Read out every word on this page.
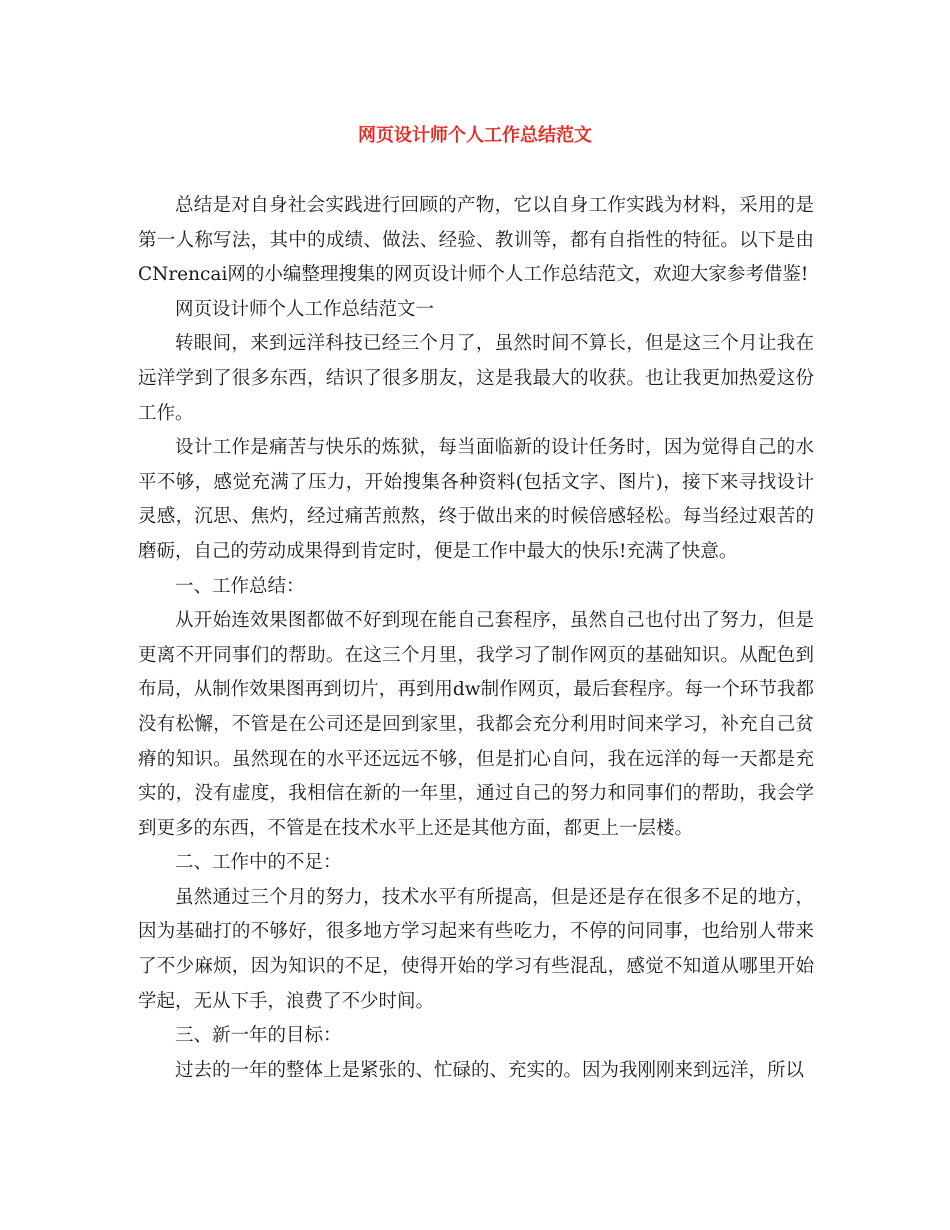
网页设计师个人工作总结范文

总结是对自身社会实践进行回顾的产物，它以自身工作实践为材料，采用的是第一人称写法，其中的成绩、做法、经验、教训等，都有自指性的特征。以下是由CNrencai网的小编整理搜集的网页设计师个人工作总结范文，欢迎大家参考借鉴!

网页设计师个人工作总结范文一

转眼间，来到远洋科技已经三个月了，虽然时间不算长，但是这三个月让我在远洋学到了很多东西，结识了很多朋友，这是我最大的收获。也让我更加热爱这份工作。

设计工作是痛苦与快乐的炼狱，每当面临新的设计任务时，因为觉得自己的水平不够，感觉充满了压力，开始搜集各种资料(包括文字、图片)，接下来寻找设计灵感，沉思、焦灼，经过痛苦煎熬，终于做出来的时候倍感轻松。每当经过艰苦的磨砺，自己的劳动成果得到肯定时，便是工作中最大的快乐!充满了快意。

一、工作总结：

从开始连效果图都做不好到现在能自己套程序，虽然自己也付出了努力，但是更离不开同事们的帮助。在这三个月里，我学习了制作网页的基础知识。从配色到布局，从制作效果图再到切片，再到用dw制作网页，最后套程序。每一个环节我都没有松懈，不管是在公司还是回到家里，我都会充分利用时间来学习，补充自己贫瘠的知识。虽然现在的水平还远远不够，但是扪心自问，我在远洋的每一天都是充实的，没有虚度，我相信在新的一年里，通过自己的努力和同事们的帮助，我会学到更多的东西，不管是在技术水平上还是其他方面，都更上一层楼。

二、工作中的不足：

虽然通过三个月的努力，技术水平有所提高，但是还是存在很多不足的地方，因为基础打的不够好，很多地方学习起来有些吃力，不停的问同事，也给别人带来了不少麻烦，因为知识的不足，使得开始的学习有些混乱，感觉不知道从哪里开始学起，无从下手，浪费了不少时间。

三、新一年的目标：

过去的一年的整体上是紧张的、忙碌的、充实的。因为我刚刚来到远洋，所以
